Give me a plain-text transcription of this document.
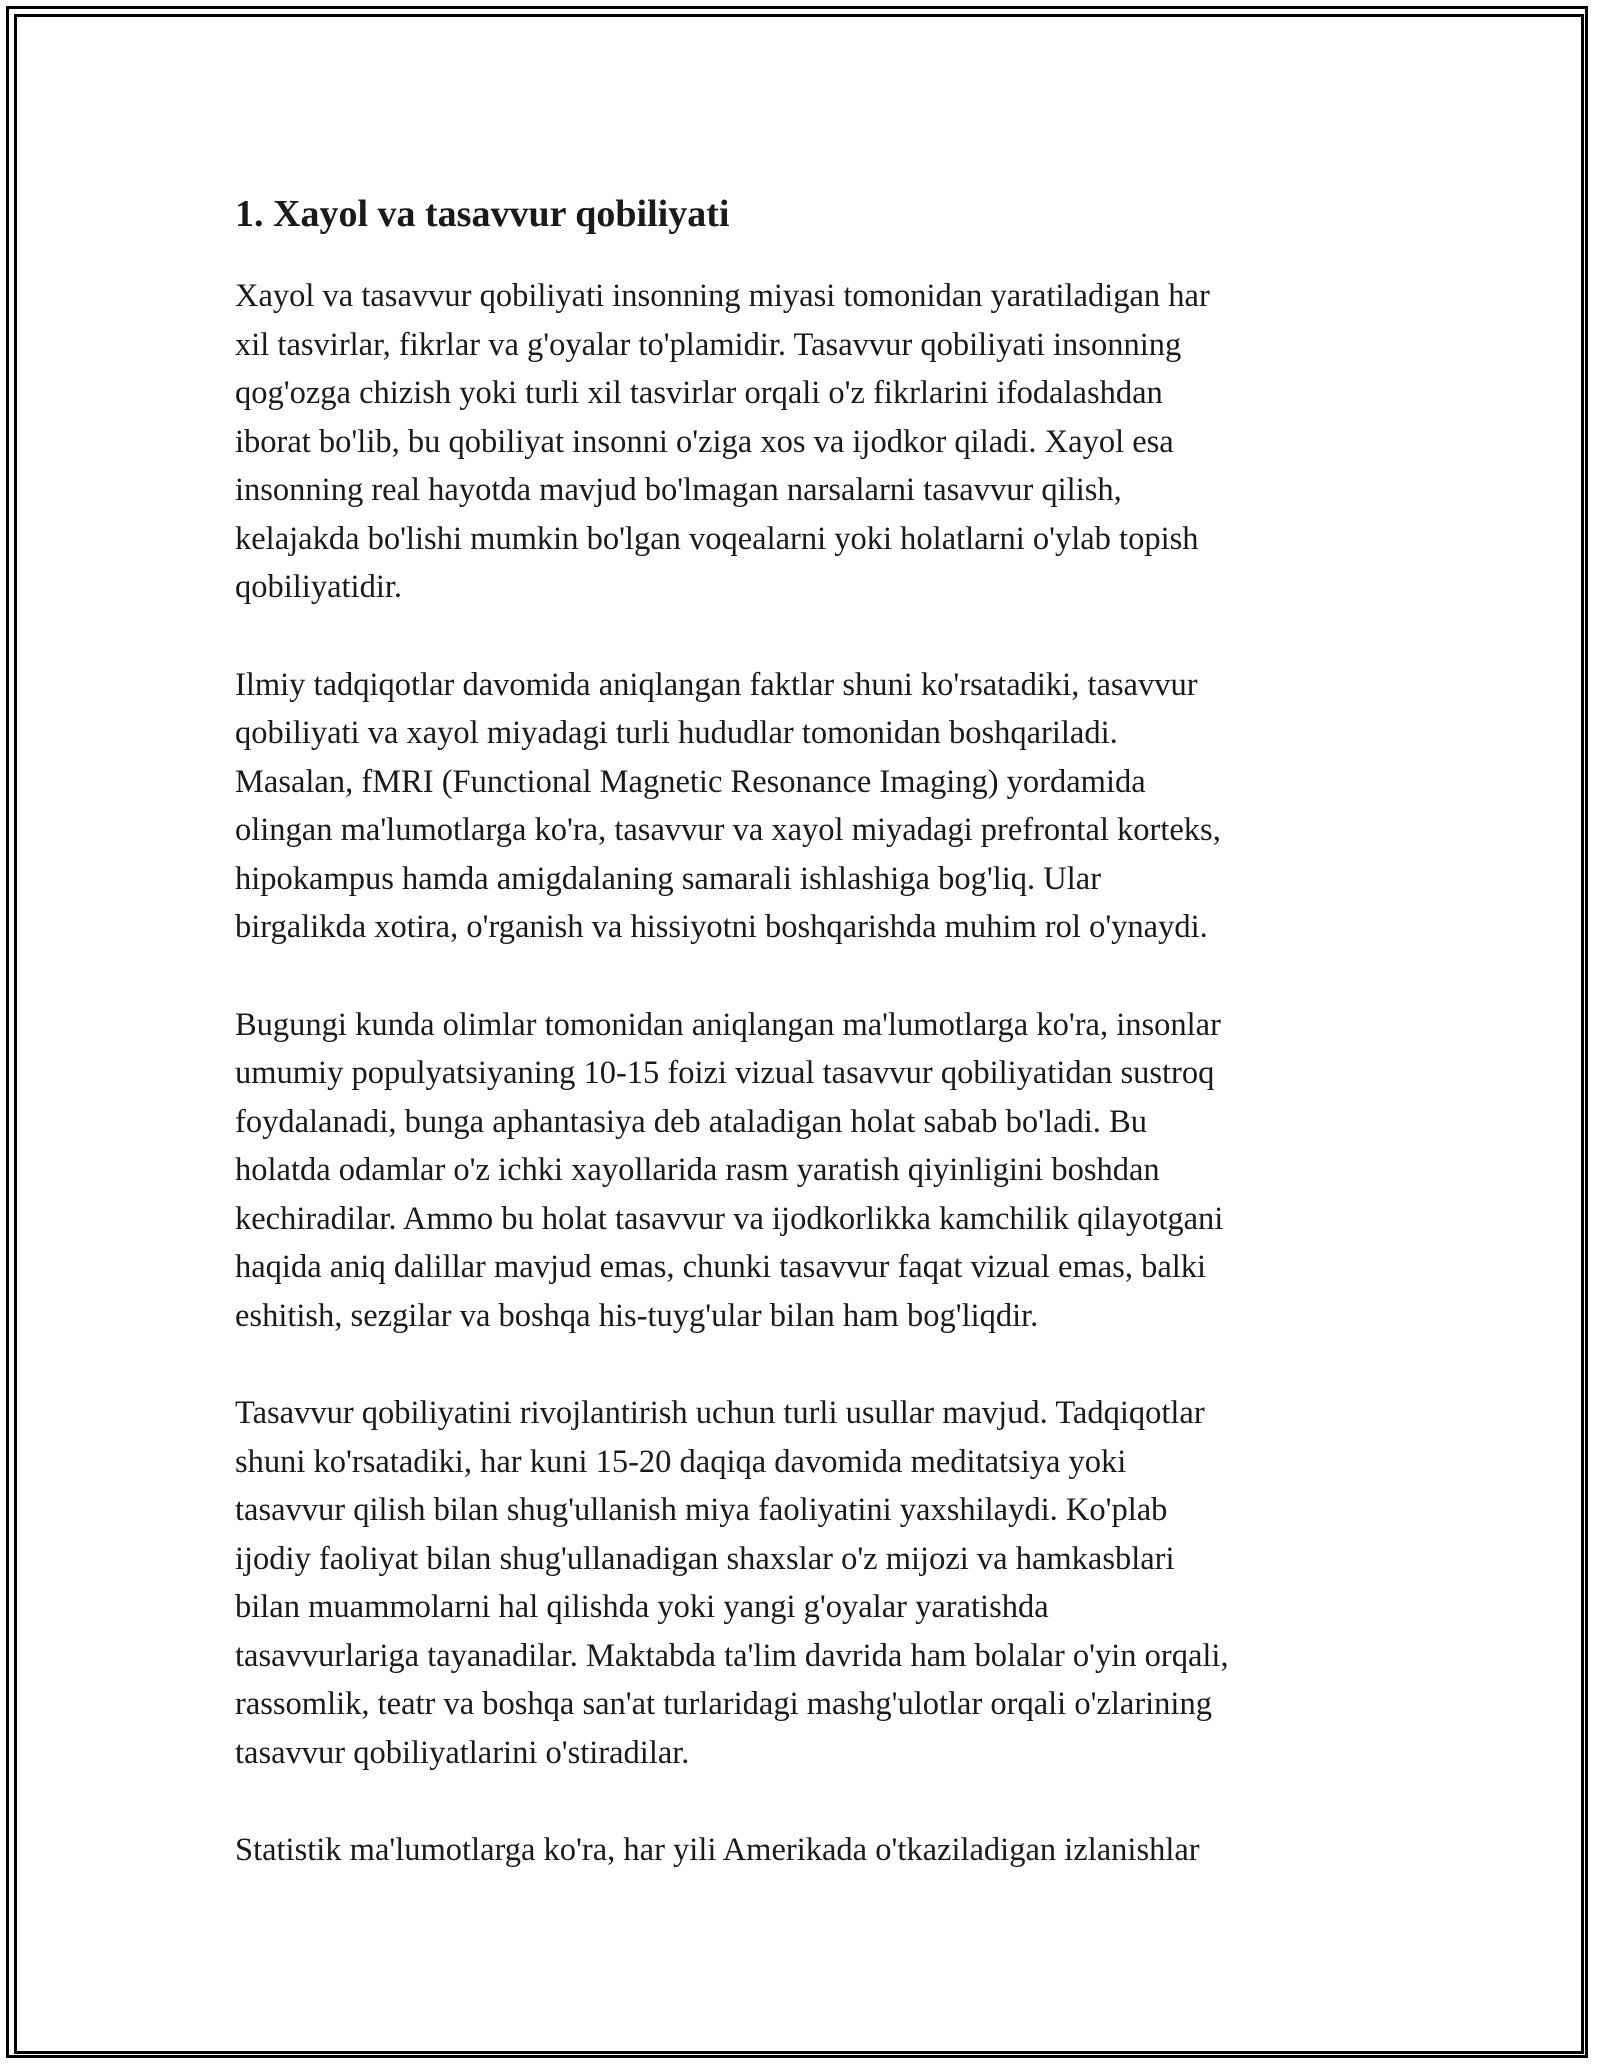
1. Xayol va tasavvur qobiliyati

Xayol va tasavvur qobiliyati insonning miyasi tomonidan yaratiladigan har
xil tasvirlar, fikrlar va g'oyalar to'plamidir. Tasavvur qobiliyati insonning
qog'ozga chizish yoki turli xil tasvirlar orqali o'z fikrlarini ifodalashdan
iborat bo'lib, bu qobiliyat insonni o'ziga xos va ijodkor qiladi. Xayol esa
insonning real hayotda mavjud bo'lmagan narsalarni tasavvur qilish,
kelajakda bo'lishi mumkin bo'lgan voqealarni yoki holatlarni o'ylab topish
qobiliyatidir.

Ilmiy tadqiqotlar davomida aniqlangan faktlar shuni ko'rsatadiki, tasavvur
qobiliyati va xayol miyadagi turli hududlar tomonidan boshqariladi.
Masalan, fMRI (Functional Magnetic Resonance Imaging) yordamida
olingan ma'lumotlarga ko'ra, tasavvur va xayol miyadagi prefrontal korteks,
hipokampus hamda amigdalaning samarali ishlashiga bog'liq. Ular
birgalikda xotira, o'rganish va hissiyotni boshqarishda muhim rol o'ynaydi.

Bugungi kunda olimlar tomonidan aniqlangan ma'lumotlarga ko'ra, insonlar
umumiy populyatsiyaning 10-15 foizi vizual tasavvur qobiliyatidan sustroq
foydalanadi, bunga aphantasiya deb ataladigan holat sabab bo'ladi. Bu
holatda odamlar o'z ichki xayollarida rasm yaratish qiyinligini boshdan
kechiradilar. Ammo bu holat tasavvur va ijodkorlikka kamchilik qilayotgani
haqida aniq dalillar mavjud emas, chunki tasavvur faqat vizual emas, balki
eshitish, sezgilar va boshqa his-tuyg'ular bilan ham bog'liqdir.

Tasavvur qobiliyatini rivojlantirish uchun turli usullar mavjud. Tadqiqotlar
shuni ko'rsatadiki, har kuni 15-20 daqiqa davomida meditatsiya yoki
tasavvur qilish bilan shug'ullanish miya faoliyatini yaxshilaydi. Ko'plab
ijodiy faoliyat bilan shug'ullanadigan shaxslar o'z mijozi va hamkasblari
bilan muammolarni hal qilishda yoki yangi g'oyalar yaratishda
tasavvurlariga tayanadilar. Maktabda ta'lim davrida ham bolalar o'yin orqali,
rassomlik, teatr va boshqa san'at turlaridagi mashg'ulotlar orqali o'zlarining
tasavvur qobiliyatlarini o'stiradilar.

Statistik ma'lumotlarga ko'ra, har yili Amerikada o'tkaziladigan izlanishlar
